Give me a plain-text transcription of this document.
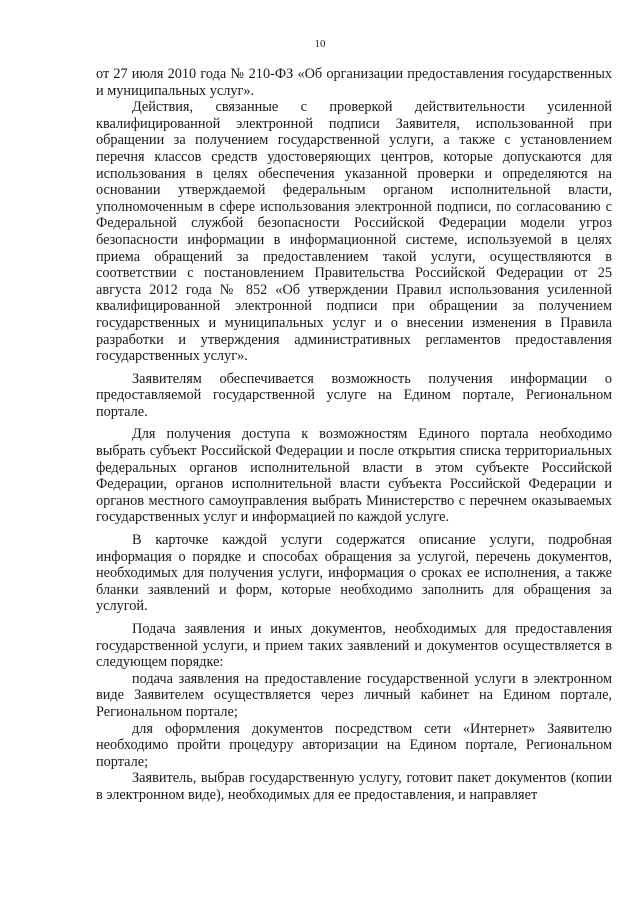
10

от 27 июля 2010 года № 210-ФЗ «Об организации предоставления государственных и муниципальных услуг».

Действия, связанные с проверкой действительности усиленной квалифицированной электронной подписи Заявителя, использованной при обращении за получением государственной услуги, а также с установлением перечня классов средств удостоверяющих центров, которые допускаются для использования в целях обеспечения указанной проверки и определяются на основании утверждаемой федеральным органом исполнительной власти, уполномоченным в сфере использования электронной подписи, по согласованию с Федеральной службой безопасности Российской Федерации модели угроз безопасности информации в информационной системе, используемой в целях приема обращений за предоставлением такой услуги, осуществляются в соответствии с постановлением Правительства Российской Федерации от 25 августа 2012 года № 852 «Об утверждении Правил использования усиленной квалифицированной электронной подписи при обращении за получением государственных и муниципальных услуг и о внесении изменения в Правила разработки и утверждения административных регламентов предоставления государственных услуг».

Заявителям обеспечивается возможность получения информации о предоставляемой государственной услуге на Едином портале, Региональном портале.

Для получения доступа к возможностям Единого портала необходимо выбрать субъект Российской Федерации и после открытия списка территориальных федеральных органов исполнительной власти в этом субъекте Российской Федерации, органов исполнительной власти субъекта Российской Федерации и органов местного самоуправления выбрать Министерство с перечнем оказываемых государственных услуг и информацией по каждой услуге.

В карточке каждой услуги содержатся описание услуги, подробная информация о порядке и способах обращения за услугой, перечень документов, необходимых для получения услуги, информация о сроках ее исполнения, а также бланки заявлений и форм, которые необходимо заполнить для обращения за услугой.

Подача заявления и иных документов, необходимых для предоставления государственной услуги, и прием таких заявлений и документов осуществляется в следующем порядке:

подача заявления на предоставление государственной услуги в электронном виде Заявителем осуществляется через личный кабинет на Едином портале, Региональном портале;

для оформления документов посредством сети «Интернет» Заявителю необходимо пройти процедуру авторизации на Едином портале, Региональном портале;

Заявитель, выбрав государственную услугу, готовит пакет документов (копии в электронном виде), необходимых для ее предоставления, и направляет
